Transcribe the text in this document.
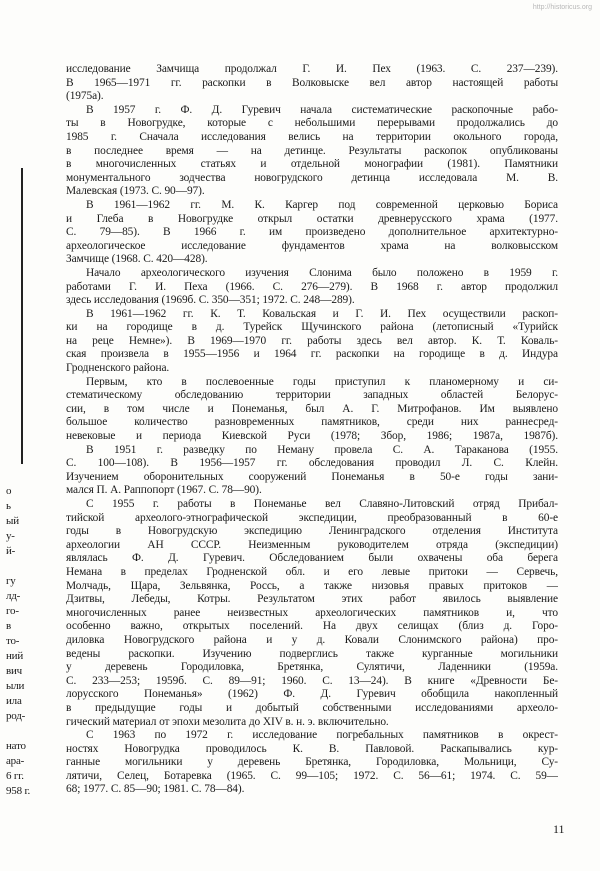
http://historicus.org
о
ь
ый
у-
й-
гу
лд-
го-
в
то-
ний
вич
ыли
ила
род-
нато
ара-
6 гг.
958 г.
исследование Замчища продолжал Г. И. Пех (1963. С. 237—239).
В 1965—1971 гг. раскопки в Волковыске вел автор настоящей работы
(1975а).
В 1957 г. Ф. Д. Гуревич начала систематические раскопочные рабо-
ты в Новогрудке, которые с небольшими перерывами продолжались до
1985 г. Сначала исследования велись на территории окольного города,
в последнее время — на детинце. Результаты раскопок опубликованы
в многочисленных статьях и отдельной монографии (1981). Памятники
монументального зодчества новогрудского детинца исследовала М. В.
Малевская (1973. С. 90—97).
В 1961—1962 гг. М. К. Каргер под современной церковью Бориса
и Глеба в Новогрудке открыл остатки древнерусского храма (1977.
С. 79—85). В 1966 г. им произведено дополнительное архитектурно-
археологическое исследование фундаментов храма на волковысском
Замчище (1968. С. 420—428).
Начало археологического изучения Слонима было положено в 1959 г.
работами Г. И. Пеха (1966. С. 276—279). В 1968 г. автор продолжил
здесь исследования (1969б. С. 350—351; 1972. С. 248—289).
В 1961—1962 гг. К. Т. Ковальская и Г. И. Пех осуществили раскоп-
ки на городище в д. Турейск Щучинского района (летописный «Турийск
на реце Немне»). В 1969—1970 гг. работы здесь вел автор. К. Т. Коваль-
ская произвела в 1955—1956 и 1964 гг. раскопки на городище в д. Индура
Гродненского района.
Первым, кто в послевоенные годы приступил к планомерному и си-
стематическому обследованию территории западных областей Белорус-
сии, в том числе и Понеманья, был А. Г. Митрофанов. Им выявлено
большое количество разновременных памятников, среди них раннесред-
невековые и периода Киевской Руси (1978; Збор, 1986; 1987а, 1987б).
В 1951 г. разведку по Неману провела С. А. Тараканова (1955.
С. 100—108). В 1956—1957 гг. обследования проводил Л. С. Клейн.
Изучением оборонительных сооружений Понеманья в 50-е годы зани-
мался П. А. Раппопорт (1967. С. 78—90).
С 1955 г. работы в Понеманье вел Славяно-Литовский отряд Прибал-
тийской археолого-этнографической экспедиции, преобразованный в 60-е
годы в Новогрудскую экспедицию Ленинградского отделения Института
археологии АН СССР. Неизменным руководителем отряда (экспедиции)
являлась Ф. Д. Гуревич. Обследованием были охвачены оба берега
Немана в пределах Гродненской обл. и его левые притоки — Сервечь,
Молчадь, Щара, Зельвянка, Россь, а также низовья правых притоков —
Дзитвы, Лебеды, Котры. Результатом этих работ явилось выявление
многочисленных ранее неизвестных археологических памятников и, что
особенно важно, открытых поселений. На двух селищах (близ д. Горо-
дилoвка Новогрудского района и у д. Ковали Слонимского района) про-
ведены раскопки. Изучению подверглись также курганные могильники
у деревень Городиловка, Бретянка, Сулятичи, Ладенники (1959а.
С. 233—253; 1959б. С. 89—91; 1960. С. 13—24). В книге «Древности Бе-
лорусского Понеманья» (1962) Ф. Д. Гуревич обобщила накопленный
в предыдущие годы и добытый собственными исследованиями археоло-
гический материал от эпохи мезолита до XIV в. н. э. включительно.
С 1963 по 1972 г. исследование погребальных памятников в окрест-
ностях Новогрудка проводилось К. В. Павловой. Раскапывались кур-
ганные могильники у деревень Бретянка, Городиловка, Мольници, Су-
лятичи, Селец, Ботаревка (1965. С. 99—105; 1972. С. 56—61; 1974. С. 59—
68; 1977. С. 85—90; 1981. С. 78—84).
11
